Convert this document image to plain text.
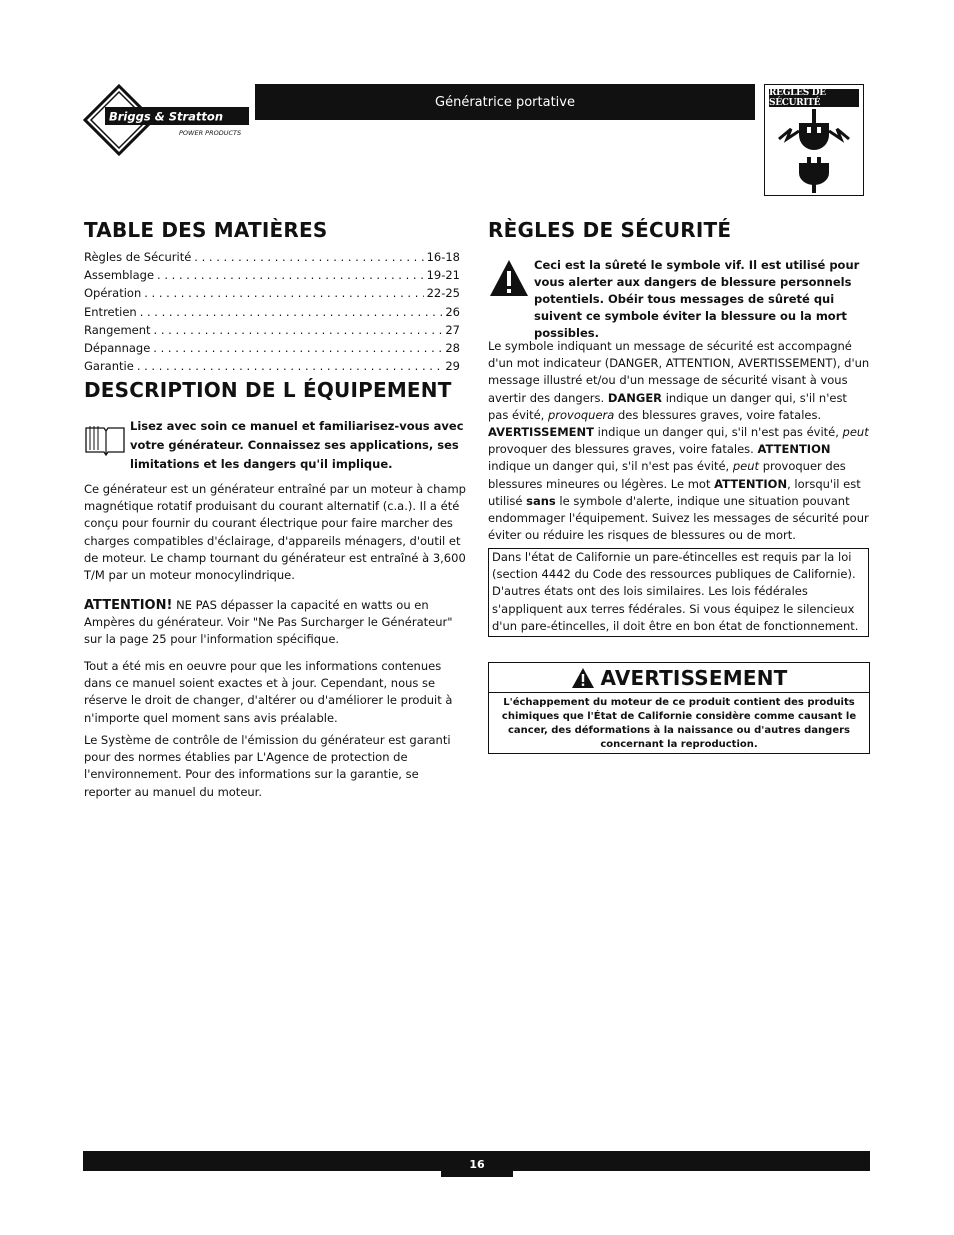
Briggs & Stratton
POWER PRODUCTS
Génératrice portative
RÈGLES DE SÉCURITÉ
TABLE DES MATIÈRES
Règles de Sécurité . . .	16-18
Assemblage . . .	19-21
Opération . . .	22-25
Entretien . . .	26
Rangement . . .	27
Dépannage . . .	28
Garantie . . .	29
DESCRIPTION DE L ÉQUIPEMENT
Lisez avec soin ce manuel et familiarisez-vous avec votre générateur. Connaissez ses applications, ses limitations et les dangers qu'il implique.
Ce générateur est un générateur entraîné par un moteur à champ magnétique rotatif produisant du courant alternatif (c.a.). Il a été conçu pour fournir du courant électrique pour faire marcher des charges compatibles d'éclairage, d'appareils ménagers, d'outil et de moteur. Le champ tournant du générateur est entraîné à 3,600 T/M par un moteur monocylindrique.
ATTENTION! NE PAS dépasser la capacité en watts ou en Ampères du générateur. Voir "Ne Pas Surcharger le Générateur" sur la page 25 pour l'information spécifique.
Tout a été mis en oeuvre pour que les informations contenues dans ce manuel soient exactes et à jour. Cependant, nous se réserve le droit de changer, d'altérer ou d'améliorer le produit à n'importe quel moment sans avis préalable.
Le Système de contrôle de l'émission du générateur est garanti pour des normes établies par L'Agence de protection de l'environnement. Pour des informations sur la garantie, se reporter au manuel du moteur.
RÈGLES DE SÉCURITÉ
Ceci est la sûreté le symbole vif. Il est utilisé pour vous alerter aux dangers de blessure personnels potentiels. Obéir tous messages de sûreté qui suivent ce symbole éviter la blessure ou la mort possibles.
Le symbole indiquant un message de sécurité est accompagné d'un mot indicateur (DANGER, ATTENTION, AVERTISSEMENT), d'un message illustré et/ou d'un message de sécurité visant à vous avertir des dangers. DANGER indique un danger qui, s'il n'est pas évité, provoquera des blessures graves, voire fatales. AVERTISSEMENT indique un danger qui, s'il n'est pas évité, peut provoquer des blessures graves, voire fatales. ATTENTION indique un danger qui, s'il n'est pas évité, peut provoquer des blessures mineures ou légères. Le mot ATTENTION, lorsqu'il est utilisé sans le symbole d'alerte, indique une situation pouvant endommager l'équipement. Suivez les messages de sécurité pour éviter ou réduire les risques de blessures ou de mort.
Dans l'état de Californie un pare-étincelles est requis par la loi (section 4442 du Code des ressources publiques de Californie). D'autres états ont des lois similaires. Les lois fédérales s'appliquent aux terres fédérales. Si vous équipez le silencieux d'un pare-étincelles, il doit être en bon état de fonctionnement.
AVERTISSEMENT
L'échappement du moteur de ce produit contient des produits chimiques que l'État de Californie considère comme causant le cancer, des déformations à la naissance ou d'autres dangers concernant la reproduction.
16
